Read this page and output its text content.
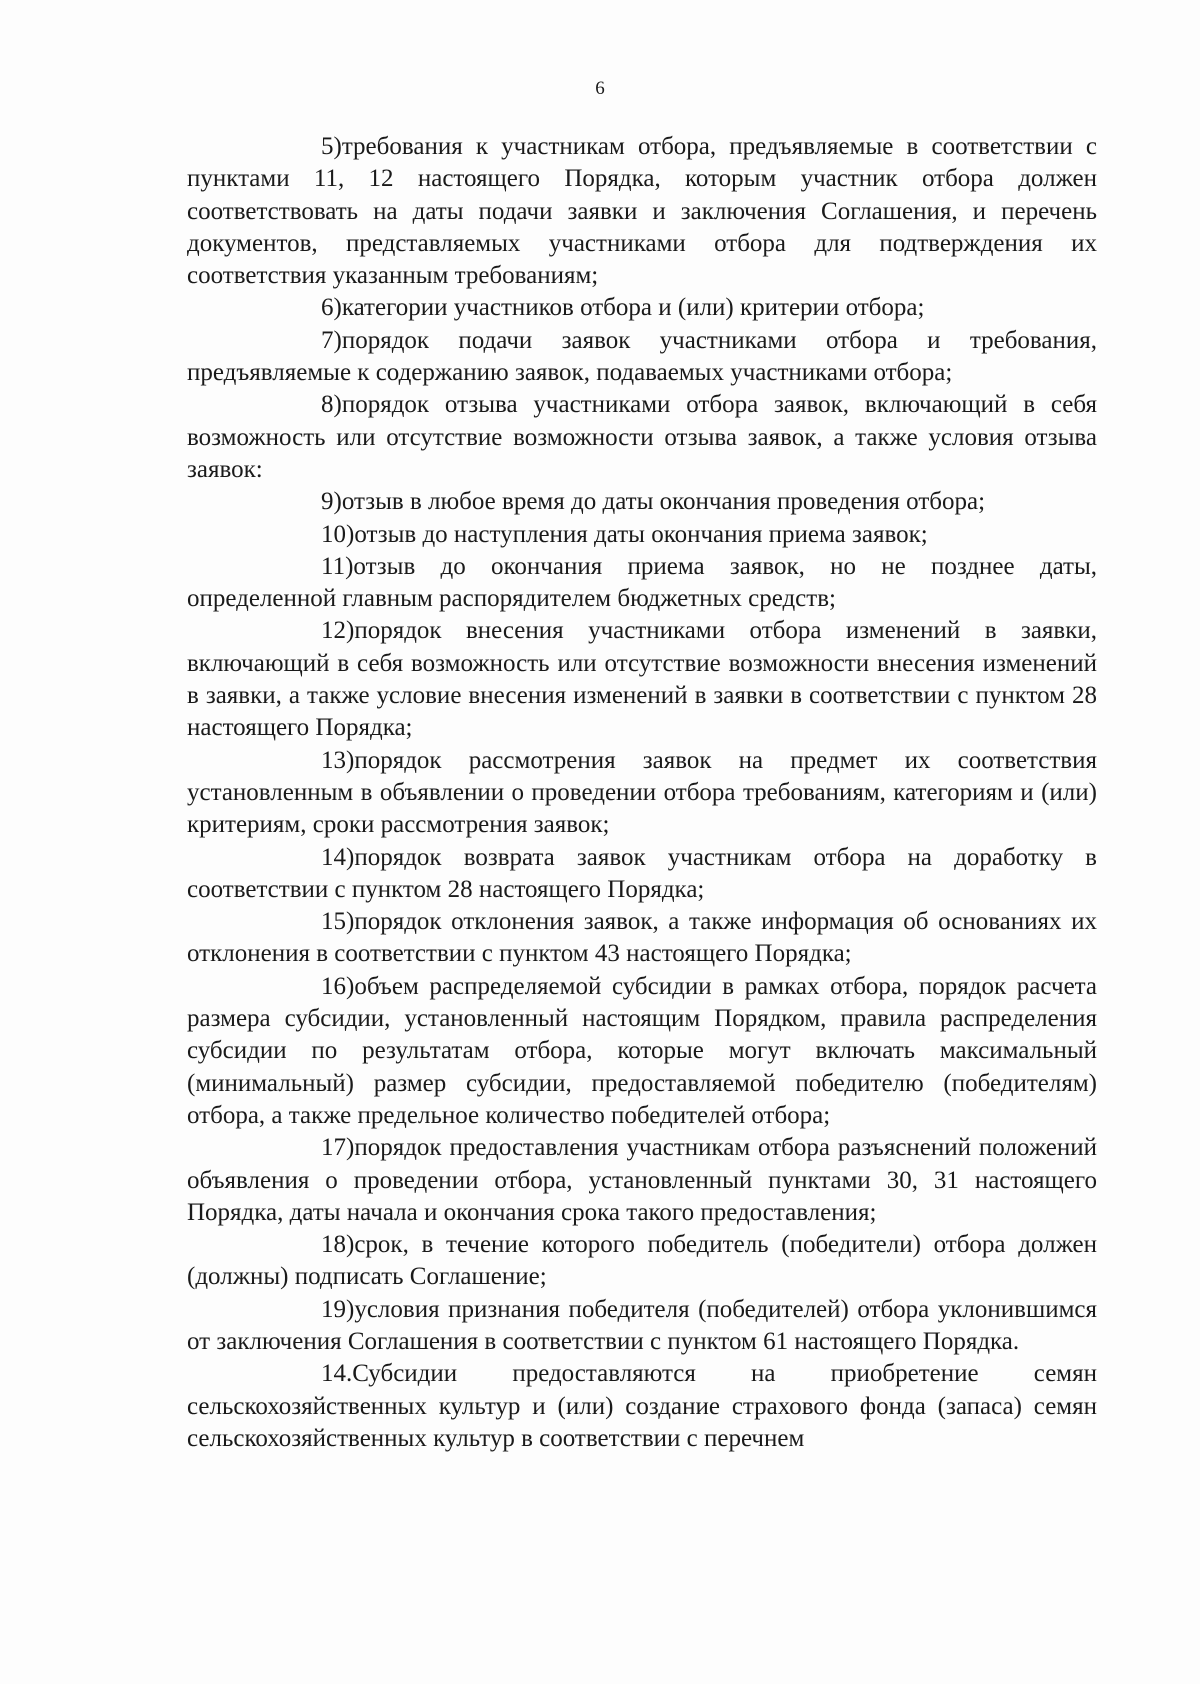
6

5)требования к участникам отбора, предъявляемые в соответствии с пунктами 11, 12 настоящего Порядка, которым участник отбора должен соответствовать на даты подачи заявки и заключения Соглашения, и перечень документов, представляемых участниками отбора для подтверждения их соответствия указанным требованиям;

6)категории участников отбора и (или) критерии отбора;

7)порядок подачи заявок участниками отбора и требования, предъявляемые к содержанию заявок, подаваемых участниками отбора;

8)порядок отзыва участниками отбора заявок, включающий в себя возможность или отсутствие возможности отзыва заявок, а также условия отзыва заявок:

9)отзыв в любое время до даты окончания проведения отбора;

10)отзыв до наступления даты окончания приема заявок;

11)отзыв до окончания приема заявок, но не позднее даты, определенной главным распорядителем бюджетных средств;

12)порядок внесения участниками отбора изменений в заявки, включающий в себя возможность или отсутствие возможности внесения изменений в заявки, а также условие внесения изменений в заявки в соответствии с пунктом 28 настоящего Порядка;

13)порядок рассмотрения заявок на предмет их соответствия установленным в объявлении о проведении отбора требованиям, категориям и (или) критериям, сроки рассмотрения заявок;

14)порядок возврата заявок участникам отбора на доработку в соответствии с пунктом 28 настоящего Порядка;

15)порядок отклонения заявок, а также информация об основаниях их отклонения в соответствии с пунктом 43 настоящего Порядка;

16)объем распределяемой субсидии в рамках отбора, порядок расчета размера субсидии, установленный настоящим Порядком, правила распределения субсидии по результатам отбора, которые могут включать максимальный (минимальный) размер субсидии, предоставляемой победителю (победителям) отбора, а также предельное количество победителей отбора;

17)порядок предоставления участникам отбора разъяснений положений объявления о проведении отбора, установленный пунктами 30, 31 настоящего Порядка, даты начала и окончания срока такого предоставления;

18)срок, в течение которого победитель (победители) отбора должен (должны) подписать Соглашение;

19)условия признания победителя (победителей) отбора уклонившимся от заключения Соглашения в соответствии с пунктом 61 настоящего Порядка.

14.Субсидии предоставляются на приобретение семян сельскохозяйственных культур и (или) создание страхового фонда (запаса) семян сельскохозяйственных культур в соответствии с перечнем
